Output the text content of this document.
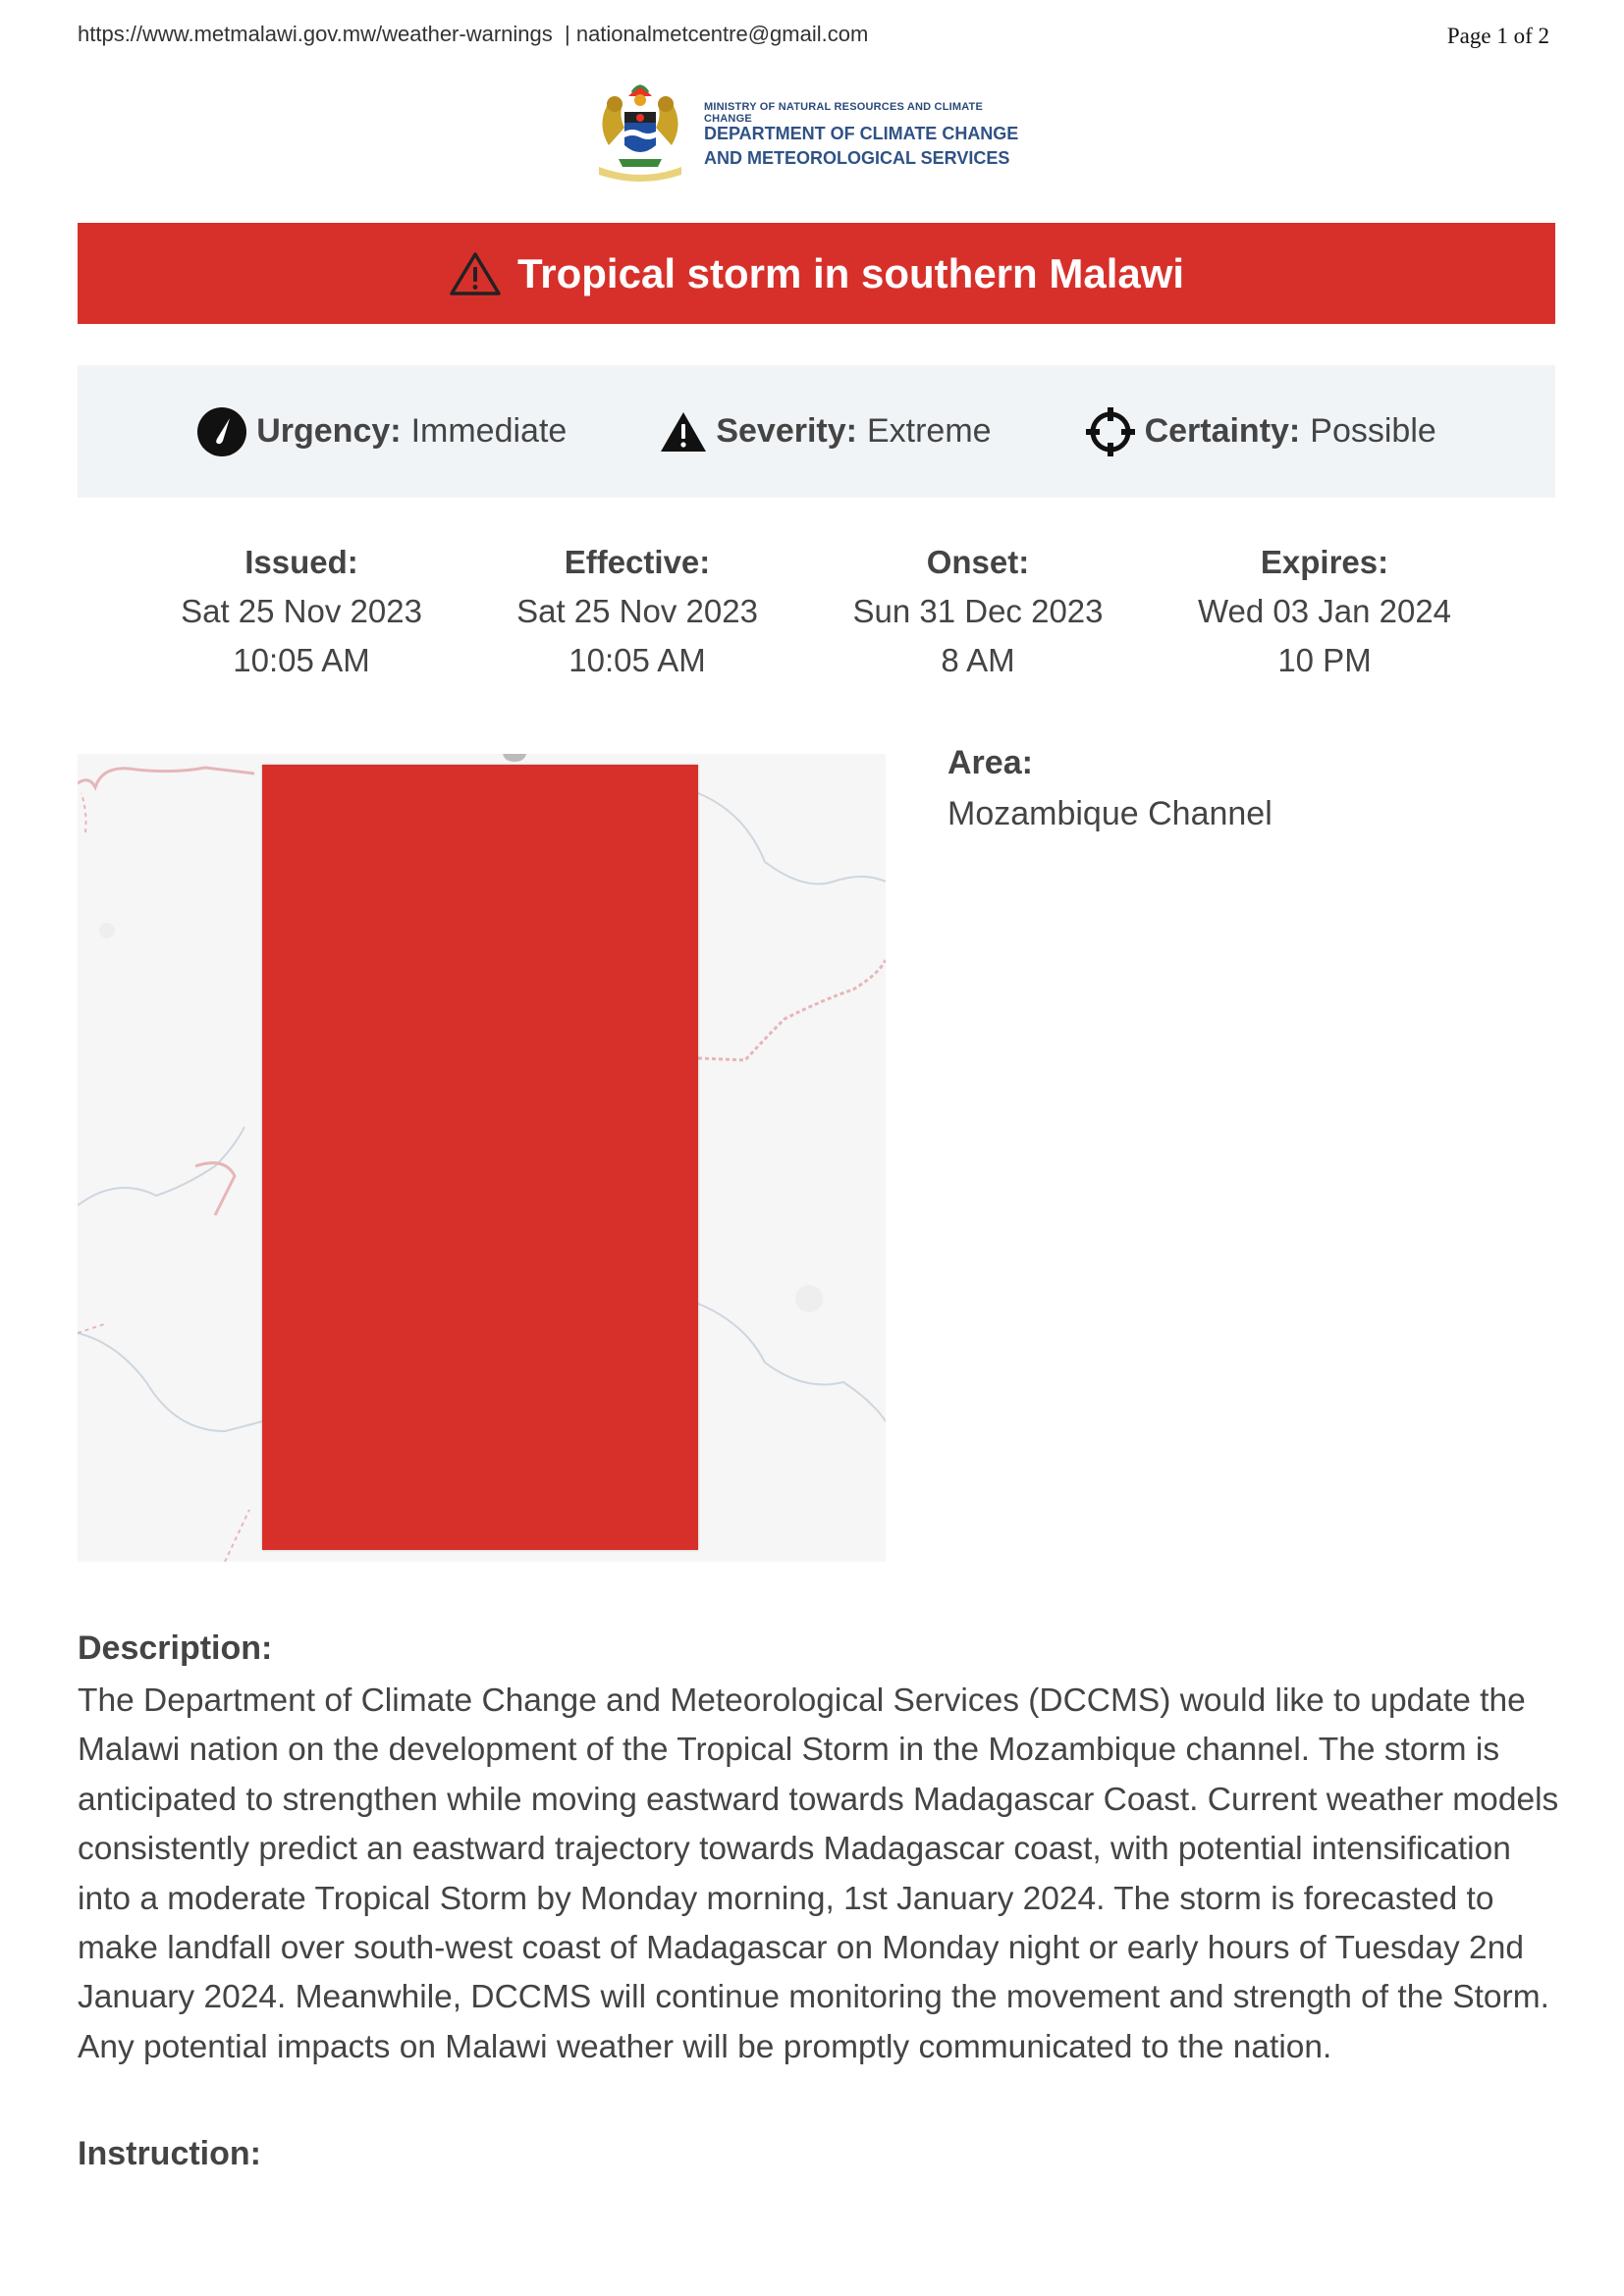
https://www.metmalawi.gov.mw/weather-warnings  | nationalmetcentre@gmail.com	Page 1 of 2
MINISTRY OF NATURAL RESOURCES AND CLIMATE CHANGE
DEPARTMENT OF CLIMATE CHANGE
AND METEOROLOGICAL SERVICES
Tropical storm in southern Malawi
Urgency: Immediate	Severity: Extreme	Certainty: Possible
Issued:
Sat 25 Nov 2023
10:05 AM
Effective:
Sat 25 Nov 2023
10:05 AM
Onset:
Sun 31 Dec 2023
8 AM
Expires:
Wed 03 Jan 2024
10 PM
Area:
Mozambique Channel
Description:
The Department of Climate Change and Meteorological Services (DCCMS) would like to update the Malawi nation on the development of the Tropical Storm in the Mozambique channel. The storm is anticipated to strengthen while moving eastward towards Madagascar Coast. Current weather models consistently predict an eastward trajectory towards Madagascar coast, with potential intensification into a moderate Tropical Storm by Monday morning, 1st January 2024. The storm is forecasted to make landfall over south-west coast of Madagascar on Monday night or early hours of Tuesday 2nd January 2024. Meanwhile, DCCMS will continue monitoring the movement and strength of the Storm. Any potential impacts on Malawi weather will be promptly communicated to the nation.
Instruction:
